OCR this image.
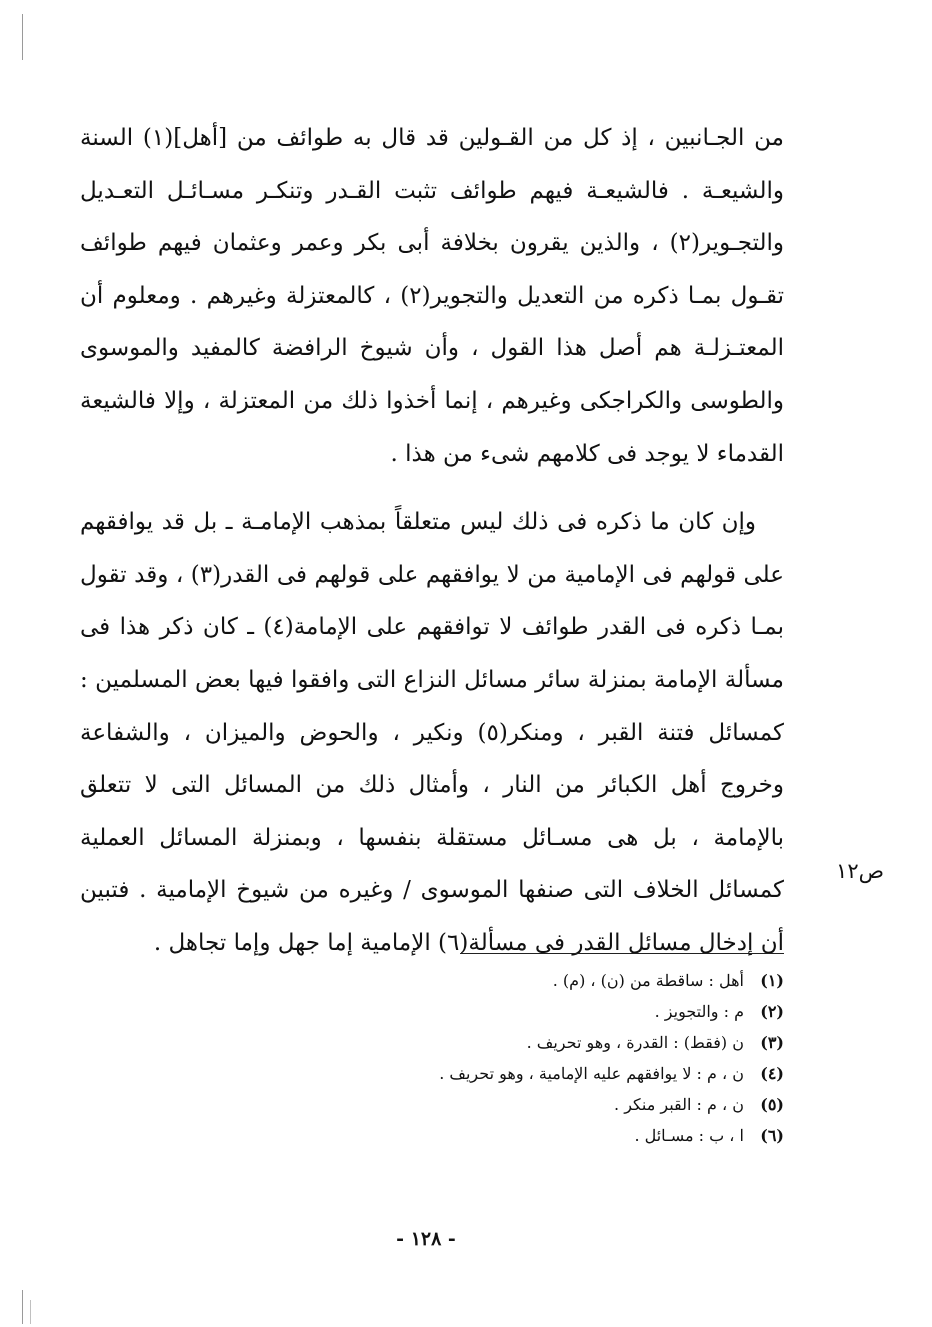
من الجـانبين ، إذ كل من القـولين قد قال به طوائف من [أهل](١) السنة والشيعـة . فالشيعـة فيهم طوائف تثبت القـدر وتنكـر مسـائـل التعـديل والتجـوير(٢) ، والذين يقرون بخلافة أبى بكر وعمر وعثمان فيهم طوائف تقـول بمـا ذكره من التعديل والتجوير(٢) ، كالمعتزلة وغيرهم . ومعلوم أن المعتـزلـة هم أصل هذا القول ، وأن شيوخ الرافضة كالمفيد والموسوى والطوسى والكراجكى وغيرهم ، إنما أخذوا ذلك من المعتزلة ، وإلا فالشيعة القدماء لا يوجد فى كلامهم شىء من هذا .

وإن كان ما ذكره فى ذلك ليس متعلقاً بمذهب الإمامـة ـ بل قد يوافقهم على قولهم فى الإمامية من لا يوافقهم على قولهم فى القدر(٣) ، وقد تقول بمـا ذكره فى القدر طوائف لا توافقهم على الإمامة(٤) ـ كان ذكر هذا فى مسألة الإمامة بمنزلة سائر مسائل النزاع التى وافقوا فيها بعض المسلمين : كمسائل فتنة القبر ، ومنكر(٥) ونكير ، والحوض والميزان ، والشفاعة وخروج أهل الكبائر من النار ، وأمثال ذلك من المسائل التى لا تتعلق بالإمامة ، بل هى مسـائل مستقلة بنفسها ، وبمنزلة المسائل العملية كمسائل الخلاف التى صنفها الموسوى / وغيره من شيوخ الإمامية . فتبين أن إدخال مسائل القدر فى مسألة(٦) الإمامية إما جهل وإما تجاهل .

ص١٢
(١)أهل : ساقطة من (ن) ، (م) .
(٢)م : والتجويز .
(٣)ن (فقط) : القدرة ، وهو تحريف .
(٤)ن ، م : لا يوافقهم عليه الإمامية ، وهو تحريف .
(٥)ن ، م : القبر منكر .
(٦)ا ، ب : مسـائل .
- ١٢٨ -
